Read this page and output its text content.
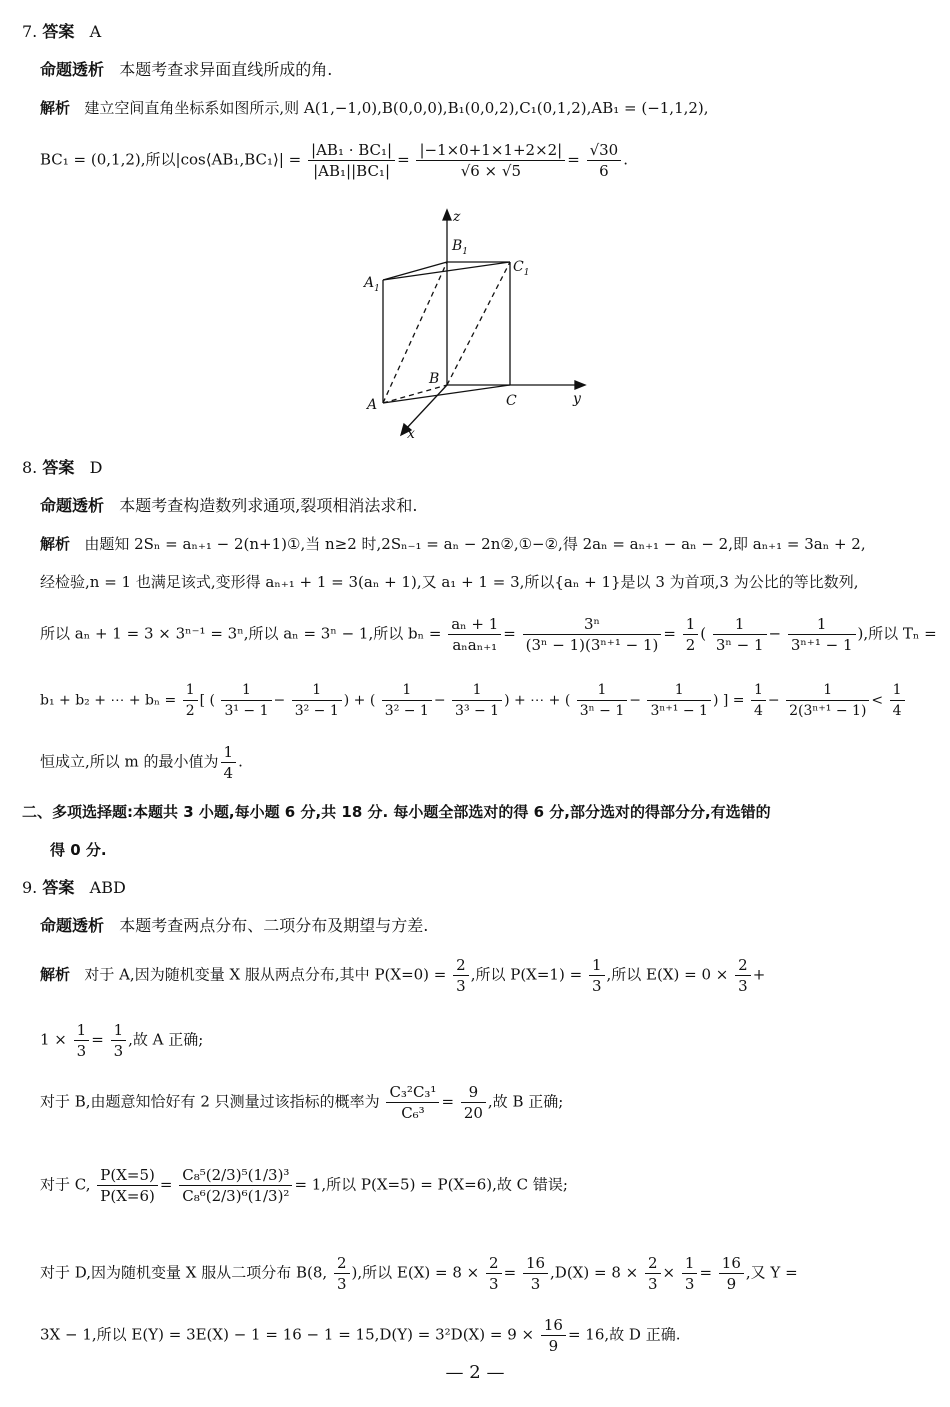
7. 答案 A
命题透析 本题考查求异面直线所成的角.
解析 建立空间直角坐标系如图所示,则 A(1,−1,0),B(0,0,0),B₁(0,0,2),C₁(0,1,2),AB₁ = (−1,1,2),
BC₁ = (0,1,2),所以|cos⟨AB₁,BC₁⟩| = $\frac{\text{|AB₁ · BC₁|}}{\text{|AB₁||BC₁|}} = \frac{|-1\times 0+1\times 1+2\times 2|}{√6 \times √5} = \frac{√30}{6}$ .
z
$B_1$
$C_1$
$A_1$
B
A	C	y
x
8. 答案 D
命题透析 本题考查构造数列求通项,裂项相消法求和.
解析 由题知 2Sₙ = aₙ₊₁ − 2(n+1)①,当 n≥2 时,2Sₙ₋₁ = aₙ − 2n②,①−②,得 2aₙ = aₙ₊₁ − aₙ − 2,即 aₙ₊₁ = 3aₙ + 2,
经检验,n = 1 也满足该式,变形得 aₙ₊₁ + 1 = 3(aₙ + 1),又 a₁ + 1 = 3,所以{aₙ + 1}是以 3 为首项,3 为公比的等比数列,
所以 aₙ + 1 = 3 × 3ⁿ⁻¹ = 3ⁿ,所以 aₙ = 3ⁿ − 1,所以 $b_n = \frac{\text{aₙ + 1}}{\text{aₙaₙ₊₁}} = \frac{\text{3ⁿ}}{\text{(3ⁿ − 1)(3ⁿ⁺¹ − 1)}} = \frac{1}{2}$ ( $\frac{1}{\text{3ⁿ − 1}} - \frac{1}{\text{3ⁿ⁺¹ − 1}}$ ),所以 Tₙ =
b₁ + b₂ + ⋯ + $b_n = \frac{1}{2}$ [ ( $\frac{1}{\text{3¹ − 1}} - \frac{1}{\text{3² − 1}}$ ) + ( $\frac{1}{\text{3² − 1}} - \frac{1}{\text{3³ − 1}}$ ) + ⋯ + ( $\frac{1}{\text{3ⁿ − 1}} - \frac{1}{\text{3ⁿ⁺¹ − 1}}$ ) ] = $\frac{1}{4} - \frac{1}{\text{2(3ⁿ⁺¹ − 1)}} < \frac{1}{4}$
恒成立,所以 m 的最小值为 $\frac{1}{4}$ .
二、多项选择题:本题共 3 小题,每小题 6 分,共 18 分. 每小题全部选对的得 6 分,部分选对的得部分分,有选错的
得 0 分.
9. 答案 ABD
命题透析 本题考查两点分布、二项分布及期望与方差.
解析 对于 A,因为随机变量 X 服从两点分布,其中 $P(X=0) = \frac{2}{3}$ ,所以 $P(X=1) = \frac{1}{3}$ ,所以 $E(X) = 0 \times \frac{2}{3}$ +
$1 \times \frac{1}{3} = \frac{1}{3}$ ,故 A 正确;
对于 B,由题意知恰好有 2 只测量过该指标的概率为 $\frac{\text{C₃²C₃¹}}{\text{C₆³}} = \frac{9}{20}$ ,故 B 正确;
对于 C, $\frac{P(X=5)}{P(X=6)} = \frac{\text{C₈⁵(2/3)⁵(1/3)³}}{\text{C₈⁶(2/3)⁶(1/3)²}} = 1$,所以 P(X=5) = P(X=6),故 C 错误;
对于 D,因为随机变量 X 服从二项分布 B(8, $\frac{2}{3}$ ),所以 $E(X) = 8 \times \frac{2}{3} = \frac{16}{3} ,D(X) = 8 \times \frac{2}{3} \times \frac{1}{3} = \frac{16}{9}$ ,又 Y =
3X − 1,所以 $E(Y) = 3E(X) - 1 = 16 - 1 = 15,D(Y) = 3^2D(X) = 9 \times \frac{16}{9} = 16$,故 D 正确.
— 2 —
